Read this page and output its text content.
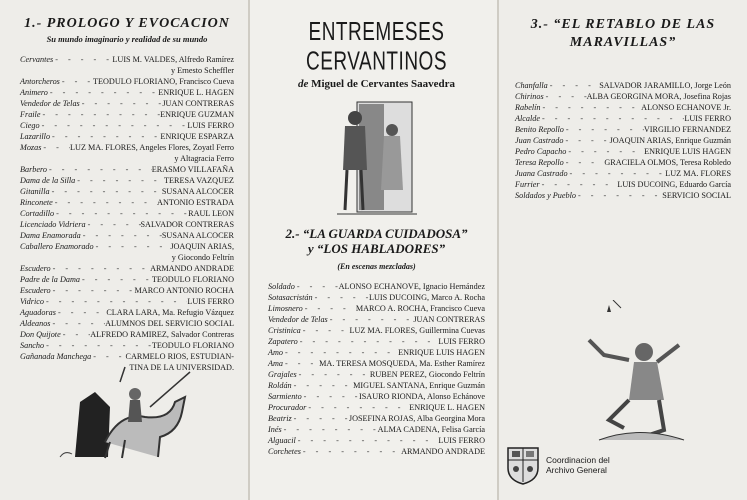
1.- PROLOGO Y EVOCACION
Su mundo imaginario y realidad de su mundo
Cervantes - - -	LUIS M. VALDES, Alfredo Ramírez
y Ernesto Scheffler
Antorcheros - - -	TEODULO FLORIANO, Francisco Cueva
Animero - - -	ENRIQUE L. HAGEN
Vendedor de Telas - - -	JUAN CONTRERAS
Fraile - - -	ENRIQUE GUZMAN
Ciego - - -	LUIS FERRO
Lazarillo - - -	ENRIQUE ESPARZA
Mozas - - -	LUZ MA. FLORES, Angeles Flores, Zoyatl Ferro
y Altagracia Ferro
Barbero - - -	ERASMO VILLAFAÑA
Dama de la Silla - - -	TERESA VAZQUEZ
Gitanilla - - -	SUSANA ALCOCER
Rinconete - - -	ANTONIO ESTRADA
Cortadillo - - -	RAUL LEON
Licenciado Vidriera - - -	SALVADOR CONTRERAS
Dama Enamorada - - -	SUSANA ALCOCER
Caballero Enamorado - - -	JOAQUIN ARIAS,
y Giocondo Feltrín
Escudero - - -	ARMANDO ANDRADE
Padre de la Dama - - -	TEODULO FLORIANO
Escudero - - -	MARCO ANTONIO ROCHA
Vidrico - - -	LUIS FERRO
Aguadoras - - -	CLARA LARA, Ma. Refugio Vázquez
Aldeanos - - -	ALUMNOS DEL SERVICIO SOCIAL
Don Quijote - - -	ALFREDO RAMIREZ, Salvador Contreras
Sancho - - -	TEODULO FLORIANO
Gañanada Manchega - - -	CARMELO RIOS, ESTUDIAN-
TINA DE LA UNIVERSIDAD.
ENTREMESES CERVANTINOS
de Miguel de Cervantes Saavedra
2.- “LA GUARDA CUIDADOSA”
y “LOS HABLADORES”
(En escenas mezcladas)
Soldado - - -	ALONSO ECHANOVE, Ignacio Hernández
Sotasacristán - - -	LUIS DUCOING, Marco A. Rocha
Limosnero - - -	MARCO A. ROCHA, Francisco Cueva
Vendedor de Telas - - -	JUAN CONTRERAS
Cristinica - - -	LUZ MA. FLORES, Guillermina Cuevas
Zapatero - - -	LUIS FERRO
Amo - - -	ENRIQUE LUIS HAGEN
Ama - - -	MA. TERESA MOSQUEDA, Ma. Esther Ramírez
Grajales - - -	RUBEN PEREZ, Giocondo Feltrín
Roldán - - -	MIGUEL SANTANA, Enrique Guzmán
Sarmiento - - -	ISAURO RIONDA, Alonso Echánove
Procurador - - -	ENRIQUE L. HAGEN
Beatriz - - -	JOSEFINA ROJAS, Alba Georgina Mora
Inés - - -	ALMA CADENA, Felisa García
Alguacil - - -	LUIS FERRO
Corchetes - - -	ARMANDO ANDRADE
3.- “EL RETABLO DE LAS
MARAVILLAS”
Chanfalla - - -	SALVADOR JARAMILLO, Jorge León
Chirinos - - -	ALBA GEORGINA MORA, Josefina Rojas
Rabelín - - -	ALONSO ECHANOVE Jr.
Alcalde - - -	LUIS FERRO
Benito Repollo - - -	VIRGILIO FERNANDEZ
Juan Castrado - - -	JOAQUIN ARIAS, Enrique Guzmán
Pedro Capacho - - -	ENRIQUE LUIS HAGEN
Teresa Repollo - - -	GRACIELA OLMOS, Teresa Robledo
Juana Castrado - - -	LUZ MA. FLORES
Furrier - - -	LUIS DUCOING, Eduardo García
Soldados y Pueblo - - -	SERVICIO SOCIAL
Coordinacion del
Archivo General
